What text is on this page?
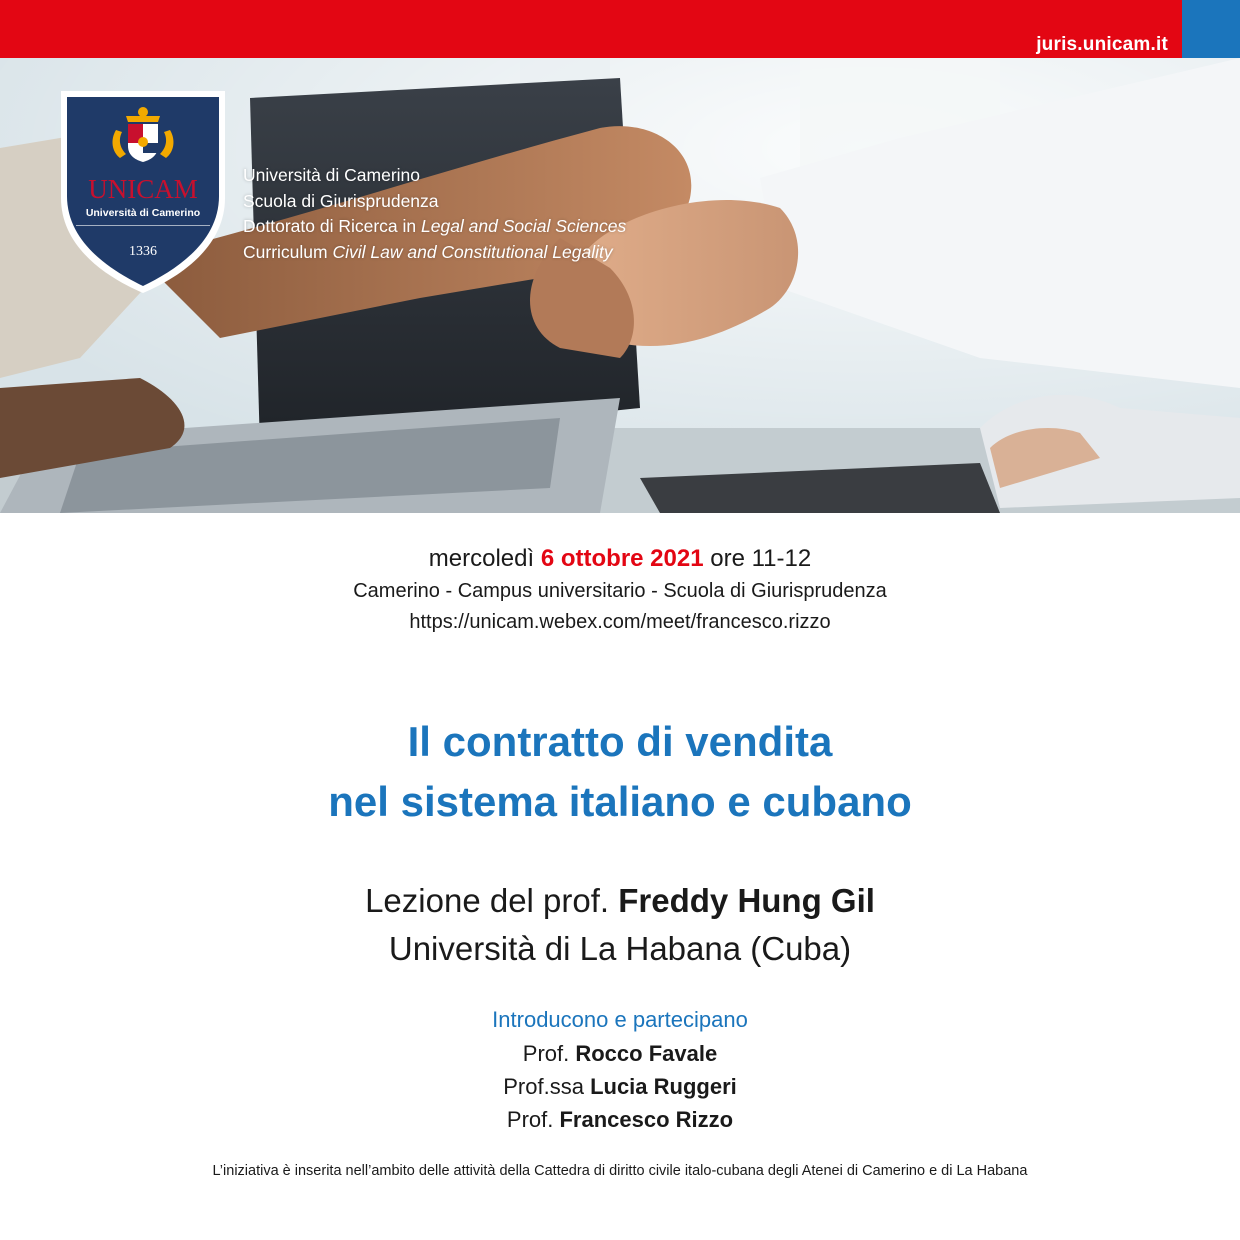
juris.unicam.it
UNICAM
Università di Camerino
1336
Università di Camerino
Scuola di Giurisprudenza
Dottorato di Ricerca in Legal and Social Sciences
Curriculum Civil Law and Constitutional Legality
mercoledì 6 ottobre 2021 ore 11-12
Camerino - Campus universitario - Scuola di Giurisprudenza
https://unicam.webex.com/meet/francesco.rizzo
Il contratto di vendita
nel sistema italiano e cubano
Lezione del prof. Freddy Hung Gil
Università di La Habana (Cuba)
Introducono e partecipano
Prof. Rocco Favale
Prof.ssa Lucia Ruggeri
Prof. Francesco Rizzo
L’iniziativa è inserita nell’ambito delle attività della Cattedra di diritto civile italo-cubana degli Atenei di Camerino e di La Habana
